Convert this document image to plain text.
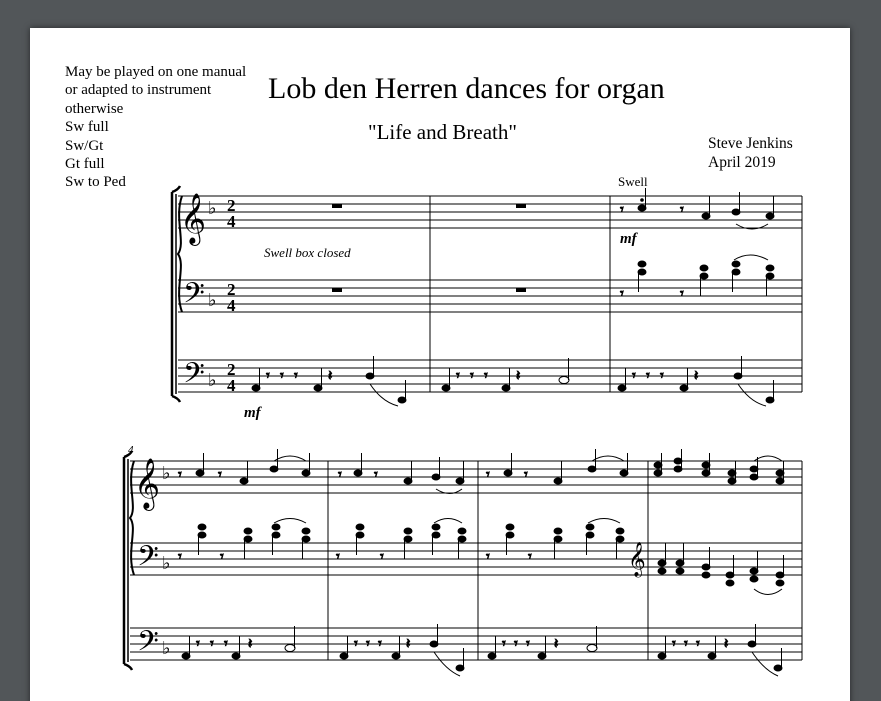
May be played on one manual
or adapted to instrument
otherwise
Sw full
Sw/Gt
Gt full
Sw to Ped
Lob den Herren dances for organ
"Life and Breath"	Steve Jenkins
April 2019
𝄞
𝄢
𝄢
♭
♭
♭
2
4
2
4
2
4
Swell box closed
Swell
mf
mf
𝄾	𝄾
𝄾	𝄾
𝄾 𝄾 𝄾 𝄽	𝄾 𝄾 𝄾 𝄽	𝄾 𝄾 𝄾 𝄽
4
𝄞
𝄢
𝄢
♭
♭
♭
𝄞
𝄾	𝄾	𝄾 𝄾	𝄾 𝄾
𝄾	𝄾	𝄾	𝄾	𝄾	𝄾
𝄾 𝄾 𝄾 𝄽	𝄾 𝄾 𝄾 𝄽	𝄾 𝄾 𝄾 𝄽	𝄾 𝄾 𝄾 𝄽
